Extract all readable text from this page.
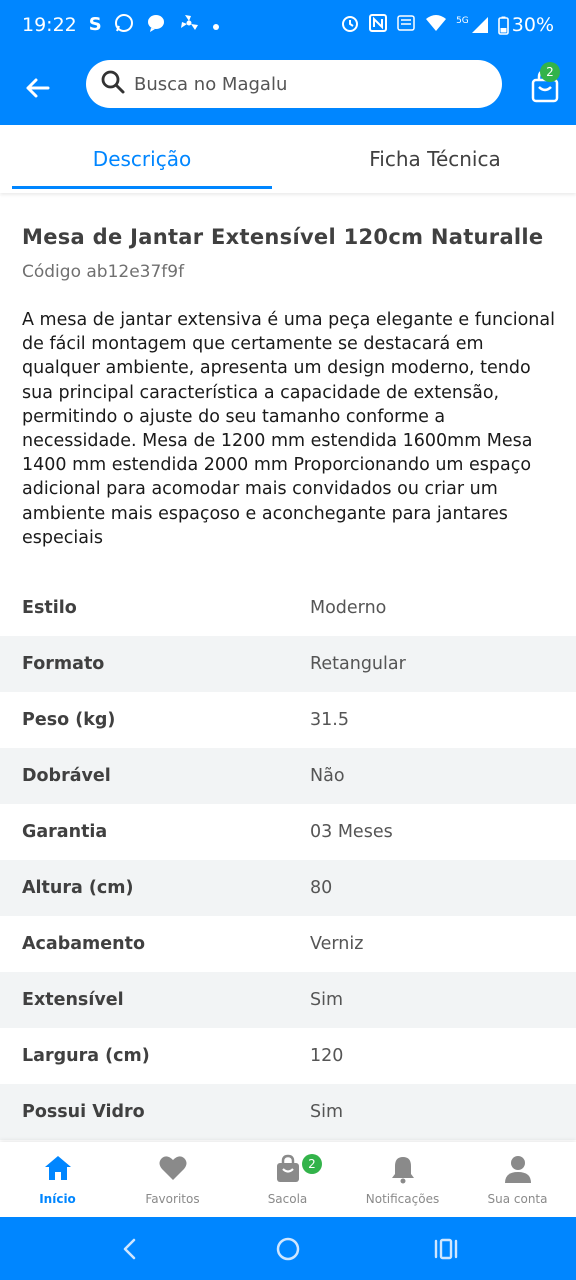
19:22 S	5G 30%
Busca no Magalu
2
Descrição	Ficha Técnica
Mesa de Jantar Extensível 120cm Naturalle
Código ab12e37f9f
A mesa de jantar extensiva é uma peça elegante e funcional de fácil montagem que certamente se destacará em qualquer ambiente, apresenta um design moderno, tendo sua principal característica a capacidade de extensão, permitindo o ajuste do seu tamanho conforme a necessidade. Mesa de 1200 mm estendida 1600mm Mesa 1400 mm estendida 2000 mm Proporcionando um espaço adicional para acomodar mais convidados ou criar um ambiente mais espaçoso e aconchegante para jantares especiais
Estilo	Moderno
Formato	Retangular
Peso (kg)	31.5
Dobrável	Não
Garantia	03 Meses
Altura (cm)	80
Acabamento	Verniz
Extensível	Sim
Largura (cm)	120
Possui Vidro	Sim
Início	Favoritos	Sacola	Notificações	Sua conta
2
